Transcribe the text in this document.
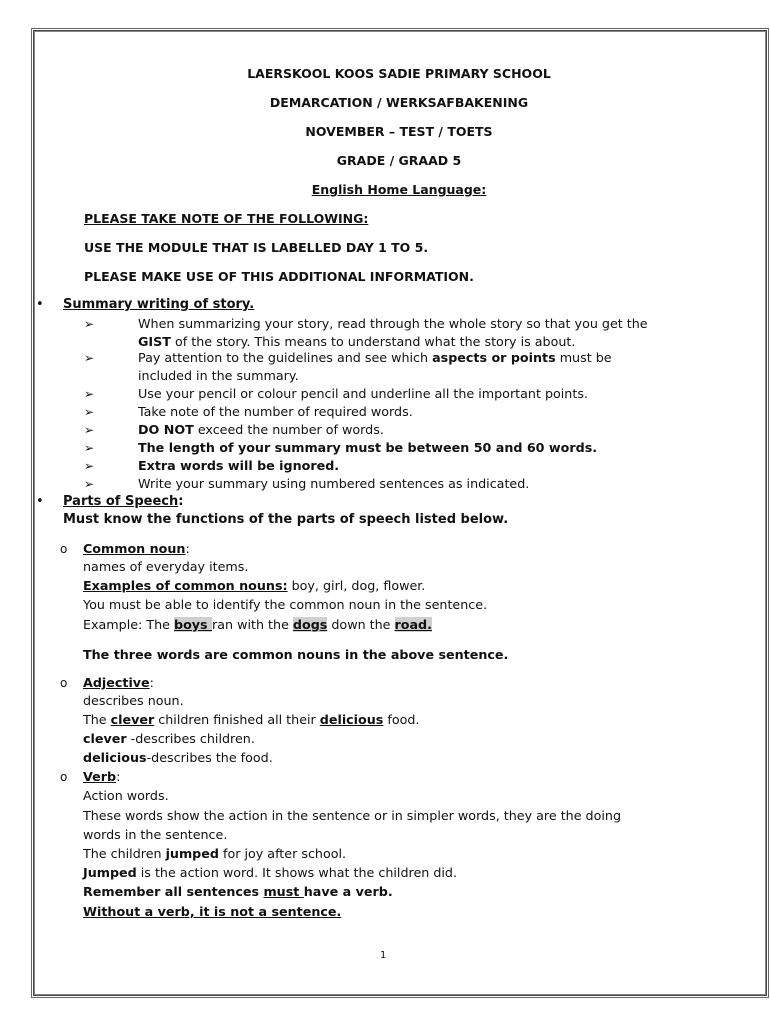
LAERSKOOL KOOS SADIE PRIMARY SCHOOL
DEMARCATION / WERKSAFBAKENING
NOVEMBER – TEST / TOETS
GRADE / GRAAD 5
English Home Language:
PLEASE TAKE NOTE OF THE FOLLOWING:
USE THE MODULE THAT IS LABELLED DAY 1 TO 5.
PLEASE MAKE USE OF THIS ADDITIONAL INFORMATION.
• Summary writing of story.
➢	When summarizing your story, read through the whole story so that you get the
GIST of the story. This means to understand what the story is about.
➢	Pay attention to the guidelines and see which aspects or points must be
included in the summary.
➢	Use your pencil or colour pencil and underline all the important points.
➢	Take note of the number of required words.
➢	DO NOT exceed the number of words.
➢	The length of your summary must be between 50 and 60 words.
➢	Extra words will be ignored.
➢	Write your summary using numbered sentences as indicated.
• Parts of Speech:
Must know the functions of the parts of speech listed below.
o Common noun:
names of everyday items.
Examples of common nouns: boy, girl, dog, flower.
You must be able to identify the common noun in the sentence.
Example: The boys ran with the dogs down the road.
The three words are common nouns in the above sentence.
o Adjective:
describes noun.
The clever children finished all their delicious food.
clever -describes children.
delicious-describes the food.
o Verb:
Action words.
These words show the action in the sentence or in simpler words, they are the doing
words in the sentence.
The children jumped for joy after school.
Jumped is the action word. It shows what the children did.
Remember all sentences must have a verb.
Without a verb, it is not a sentence.
1
